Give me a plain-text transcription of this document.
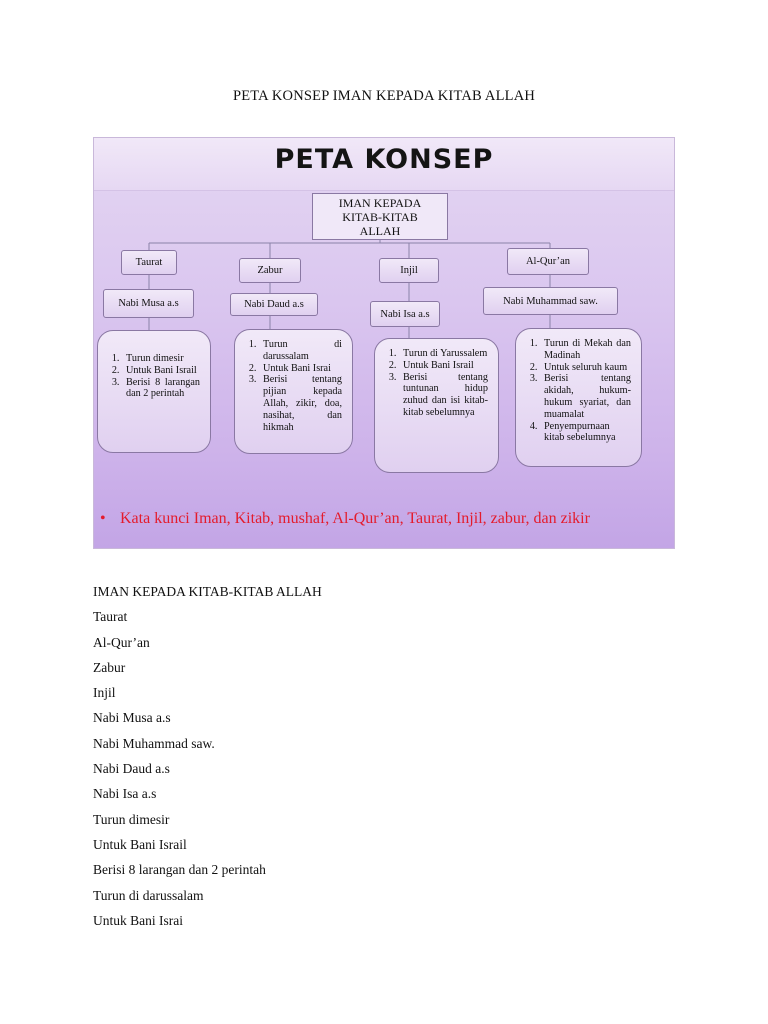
PETA KONSEP IMAN KEPADA KITAB ALLAH
PETA KONSEP
IMAN KEPADA KITAB-KITAB ALLAH
Taurat
Zabur	Injil
Al-Qur’an
Nabi Musa a.s	Nabi Daud a.s
Nabi Isa a.s
Nabi Muhammad saw.
1. Turun dimesir
2. Untuk Bani Israil
3. Berisi 8 larangan dan 2 perintah
1. Turun di darussalam
2. Untuk Bani Israi
3. Berisi tentang pijian kepada Allah, zikir, doa, nasihat, dan hikmah
1. Turun di Yarussalem
2. Untuk Bani Israil
3. Berisi tentang tuntunan hidup zuhud dan isi kitab-kitab sebelumnya
1. Turun di Mekah dan Madinah
2. Untuk seluruh kaum
3. Berisi tentang akidah, hukum-hukum syariat, dan muamalat
4. Penyempurnaan kitab sebelumnya
• Kata kunci Iman, Kitab, mushaf, Al-Qur’an, Taurat, Injil, zabur, dan zikir
IMAN KEPADA KITAB-KITAB ALLAH
Taurat
Al-Qur’an
Zabur
Injil
Nabi Musa a.s
Nabi Muhammad saw.
Nabi Daud a.s
Nabi Isa a.s
Turun dimesir
Untuk Bani Israil
Berisi 8 larangan dan 2 perintah
Turun di darussalam
Untuk Bani Israi
